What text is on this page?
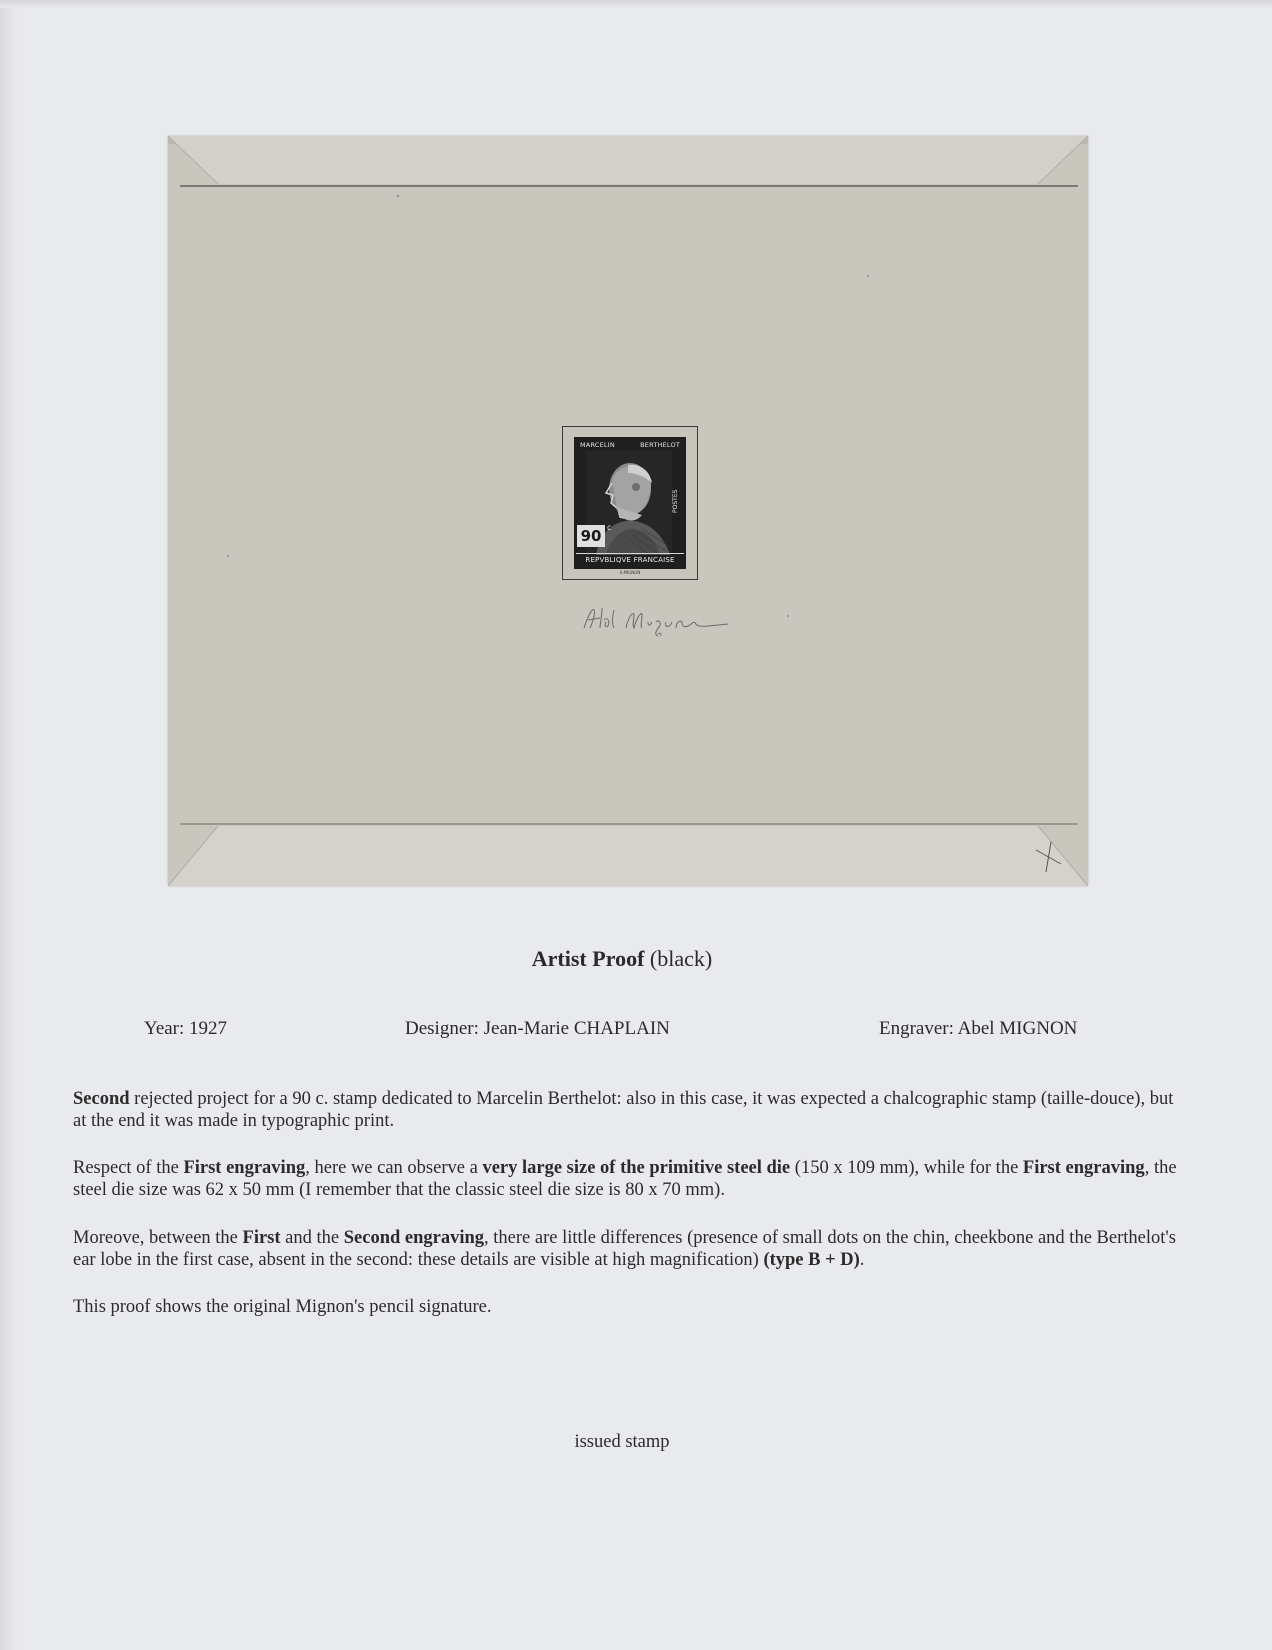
MARCELIN	BERTHELOT
POSTES
90 c
REPVBLIQVE FRANCAISE
A.MIGNON
Artist Proof (black)
Year: 1927	Designer: Jean-Marie CHAPLAIN	Engraver: Abel MIGNON
Second rejected project for a 90 c. stamp dedicated to Marcelin Berthelot: also in this case, it was expected a chalcographic stamp (taille-douce), but at the end it was made in typographic print.
Respect of the First engraving, here we can observe a very large size of the primitive steel die (150 x 109 mm), while for the First engraving, the steel die size was 62 x 50 mm (I remember that the classic steel die size is 80 x 70 mm).
Moreove, between the First and the Second engraving, there are little differences (presence of small dots on the chin, cheekbone and the Berthelot's ear lobe in the first case, absent in the second: these details are visible at high magnification) (type B + D).
This proof shows the original Mignon's pencil signature.
issued stamp
